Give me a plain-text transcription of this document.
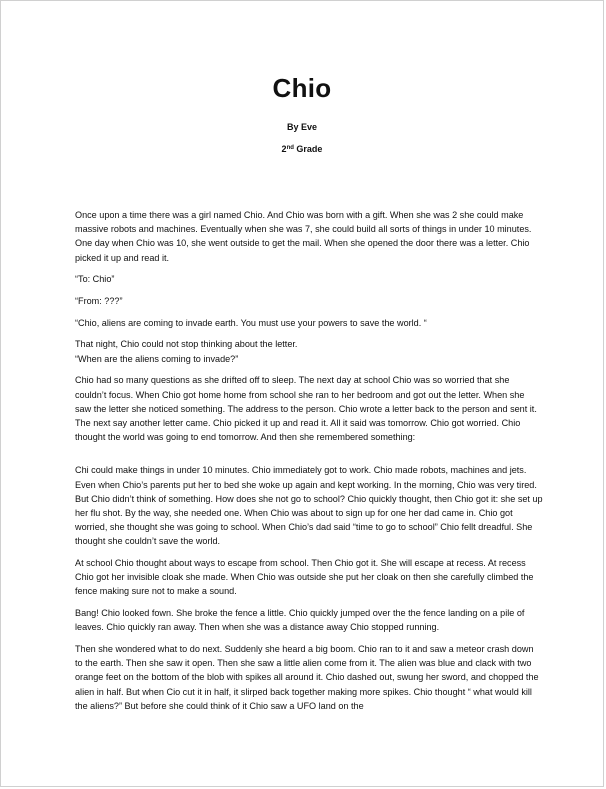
Chio
By Eve
2nd Grade

Once upon a time there was a girl named Chio. And Chio was born with a gift. When she was 2 she could make massive robots and machines. Eventually when she was 7, she could build all sorts of things in under 10 minutes. One day when Chio was 10, she went outside to get the mail. When she opened the door there was a letter. Chio picked it up and read it.

“To: Chio”

“From: ???”

“Chio, aliens are coming to invade earth. You must use your powers to save the world. “

That night, Chio could not stop thinking about the letter.

“When are the aliens coming to invade?”

Chio had so many questions as she drifted off to sleep. The next day at school Chio was so worried that she couldn’t focus. When Chio got home home from school she ran to her bedroom and got out the letter. When she saw the letter she noticed something. The address to the person. Chio wrote a letter back to the person and sent it. The next say another letter came. Chio picked it up and read it. All it said was tomorrow. Chio got worried. Chio thought the world was going to end tomorrow. And then she remembered something:

Chi could make things in under 10 minutes. Chio immediately got to work. Chio made robots, machines and jets. Even when Chio’s parents put her to bed she woke up again and kept working. In the morning, Chio was very tired. But Chio didn’t think of something. How does she not go to school? Chio quickly thought, then Chio got it: she set up her flu shot. By the way, she needed one. When Chio was about to sign up for one her dad came in. Chio got worried, she thought she was going to school. When Chio’s dad said “time to go to school” Chio fellt dreadful. She thought she couldn’t save the world.

At school Chio thought about ways to escape from school. Then Chio got it. She will escape at recess. At recess Chio got her invisible cloak she made. When Chio was outside she put her cloak on then she carefully climbed the fence making sure not to make a sound.

Bang! Chio looked fown. She broke the fence a little. Chio quickly jumped over the the fence landing on a pile of leaves. Chio quickly ran away. Then when she was a distance away Chio stopped running.

Then she wondered what to do next. Suddenly she heard a big boom. Chio ran to it and saw a meteor crash down to the earth. Then she saw it open. Then she saw a little alien come from it. The alien was blue and clack with two orange feet on the bottom of the blob with spikes all around it. Chio dashed out, swung her sword, and chopped the alien in half. But when Cio cut it in half, it slirped back together making more spikes. Chio thought “ what would kill the aliens?” But before she could think of it Chio saw a UFO land on the
